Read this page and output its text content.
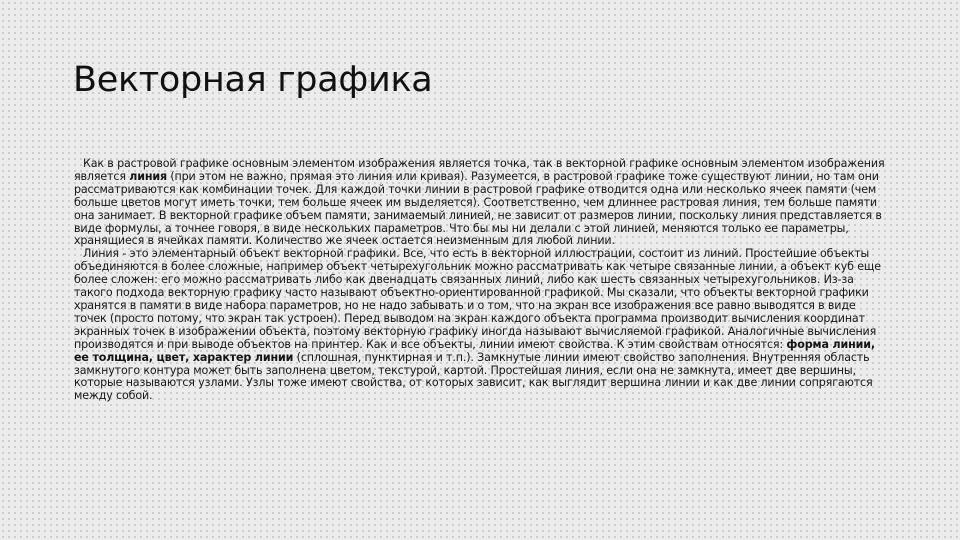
Векторная графика

Как в растровой графике основным элементом изображения является точка, так в векторной графике основным элементом изображения является линия (при этом не важно, прямая это линия или кривая). Разумеется, в растровой графике тоже существуют линии, но там они рассматриваются как комбинации точек. Для каждой точки линии в растровой графике отводится одна или несколько ячеек памяти (чем больше цветов могут иметь точки, тем больше ячеек им выделяется). Соответственно, чем длиннее растровая линия, тем больше памяти она занимает. В векторной графике объем памяти, занимаемый линией, не зависит от размеров линии, поскольку линия представляется в виде формулы, а точнее говоря, в виде нескольких параметров. Что бы мы ни делали с этой линией, меняются только ее параметры, хранящиеся в ячейках памяти. Количество же ячеек остается неизменным для любой линии.

Линия - это элементарный объект векторной графики. Все, что есть в векторной иллюстрации, состоит из линий. Простейшие объекты объединяются в более сложные, например объект четырехугольник можно рассматривать как четыре связанные линии, а объект куб еще более сложен: его можно рассматривать либо как двенадцать связанных линий, либо как шесть связанных четырехугольников. Из-за такого подхода векторную графику часто называют объектно-ориентированной графикой. Мы сказали, что объекты векторной графики хранятся в памяти в виде набора параметров, но не надо забывать и о том, что на экран все изображения все равно выводятся в виде точек (просто потому, что экран так устроен). Перед выводом на экран каждого объекта программа производит вычисления координат экранных точек в изображении объекта, поэтому векторную графику иногда называют вычисляемой графикой. Аналогичные вычисления производятся и при выводе объектов на принтер. Как и все объекты, линии имеют свойства. К этим свойствам относятся: форма линии, ее толщина, цвет, характер линии (сплошная, пунктирная и т.п.). Замкнутые линии имеют свойство заполнения. Внутренняя область замкнутого контура может быть заполнена цветом, текстурой, картой. Простейшая линия, если она не замкнута, имеет две вершины, которые называются узлами. Узлы тоже имеют свойства, от которых зависит, как выглядит вершина линии и как две линии сопрягаются между собой.
